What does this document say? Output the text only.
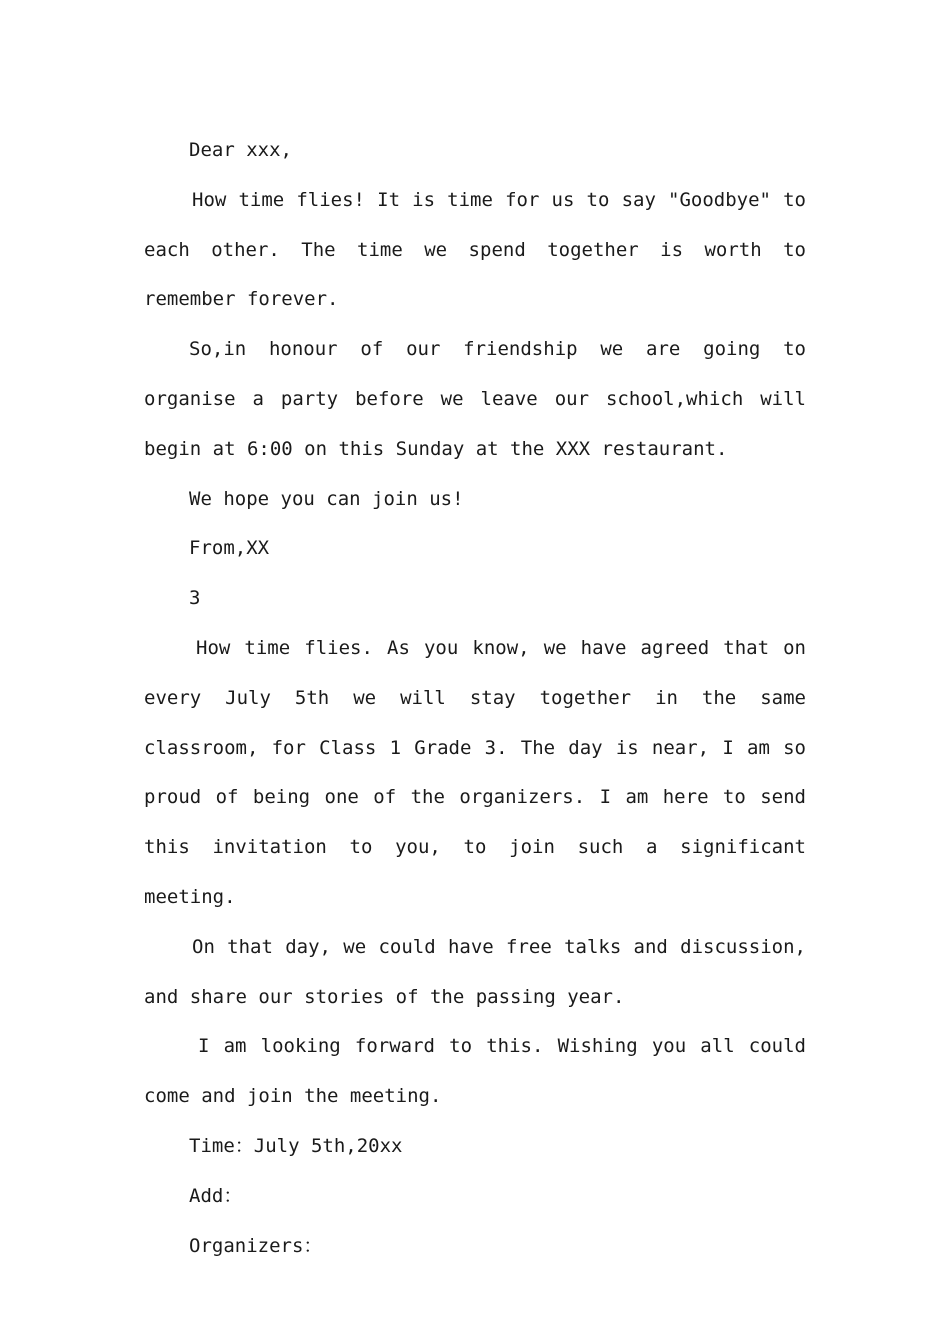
Dear xxx,

How time flies! It is time for us to say "Goodbye" to each other. The time we spend together is worth to remember forever.

So,in honour of our friendship we are going to organise a party before we leave our school,which will begin at 6:00 on this Sunday at the XXX restaurant.

We hope you can join us!

From,XX

3

How time flies. As you know, we have agreed that on every July 5th we will stay together in the same classroom, for Class 1 Grade 3. The day is near, I am so proud of being one of the organizers. I am here to send this invitation to you, to join such a significant meeting.

On that day, we could have free talks and discussion, and share our stories of the passing year.

I am looking forward to this. Wishing you all could come and join the meeting.

Time：July 5th,20xx

Add：

Organizers：
